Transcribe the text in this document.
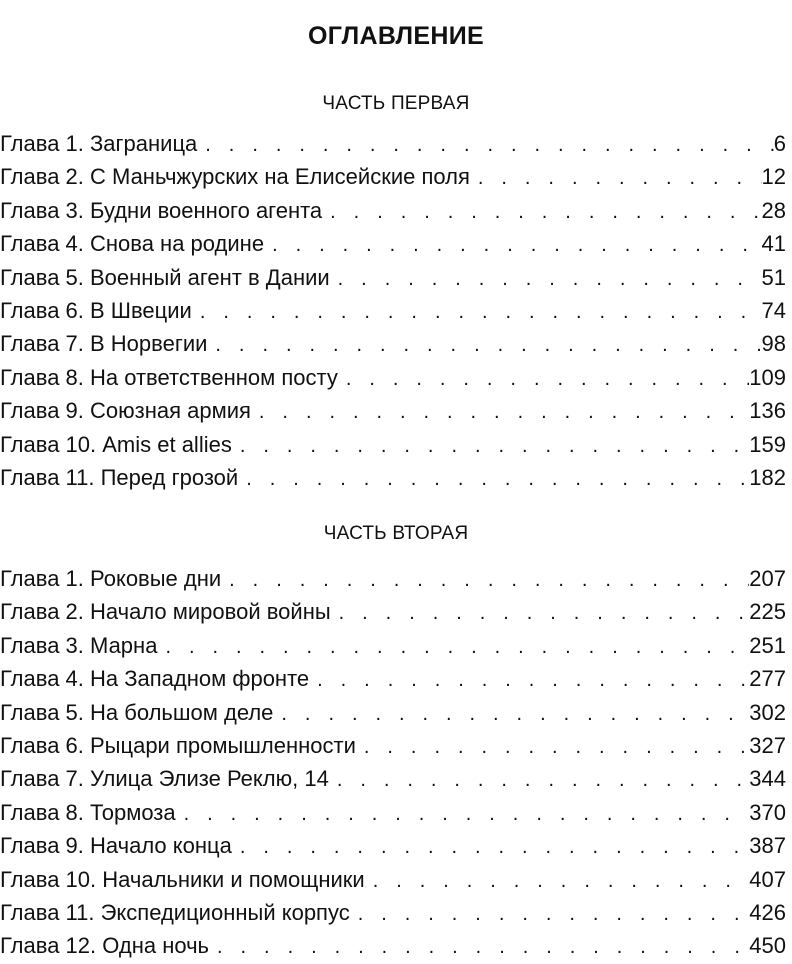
ОГЛАВЛЕНИЕ
ЧАСТЬ ПЕРВАЯ
Глава 1. Заграница . . .	6
Глава 2. С Маньчжурских на Елисейские поля . . .	12
Глава 3. Будни военного агента . . .	28
Глава 4. Снова на родине . . .	41
Глава 5. Военный агент в Дании . . .	51
Глава 6. В Швеции . . .	74
Глава 7. В Норвегии . . .	98
Глава 8. На ответственном посту . . .	109
Глава 9. Союзная армия . . .	136
Глава 10. Amis et allies . . .	159
Глава 11. Перед грозой . . .	182
ЧАСТЬ ВТОРАЯ
Глава 1. Роковые дни . . .	207
Глава 2. Начало мировой войны . . .	225
Глава 3. Марна . . .	251
Глава 4. На Западном фронте . . .	277
Глава 5. На большом деле . . .	302
Глава 6. Рыцари промышленности . . .	327
Глава 7. Улица Элизе Реклю, 14 . . .	344
Глава 8. Тормоза . . .	370
Глава 9. Начало конца . . .	387
Глава 10. Начальники и помощники . . .	407
Глава 11. Экспедиционный корпус . . .	426
Глава 12. Одна ночь . . .	450
